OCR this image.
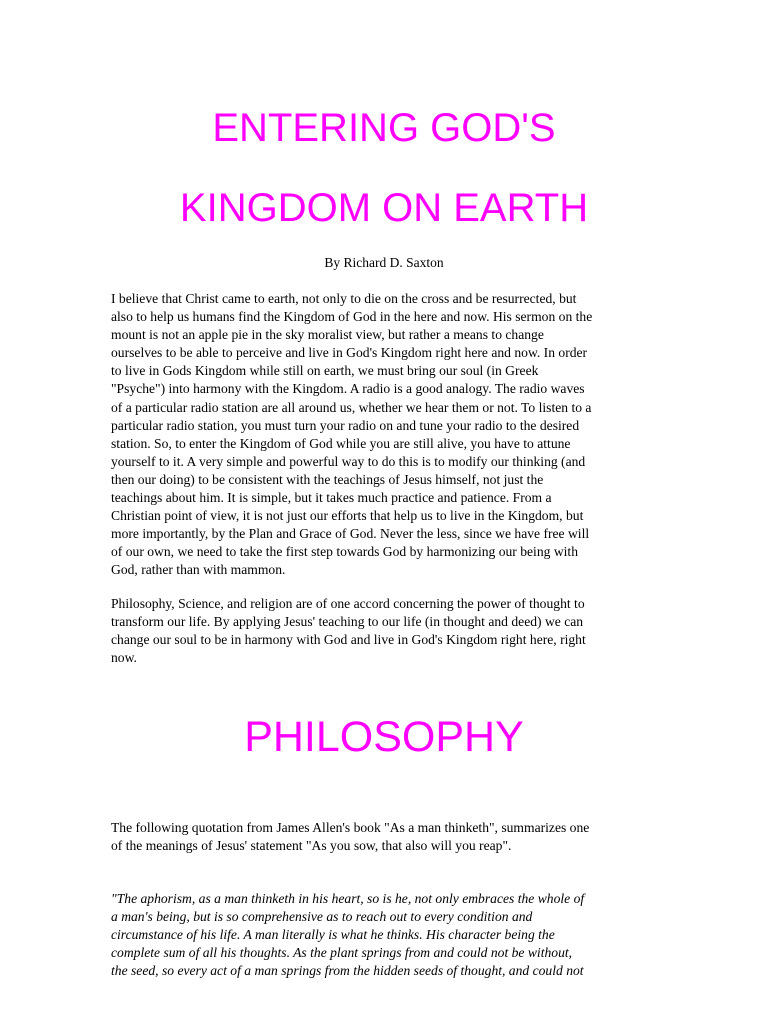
ENTERING GOD'S
KINGDOM ON EARTH

By Richard D. Saxton

I believe that Christ came to earth, not only to die on the cross and be resurrected, but
also to help us humans find the Kingdom of God in the here and now. His sermon on the
mount is not an apple pie in the sky moralist view, but rather a means to change
ourselves to be able to perceive and live in God's Kingdom right here and now. In order
to live in Gods Kingdom while still on earth, we must bring our soul (in Greek
"Psyche") into harmony with the Kingdom. A radio is a good analogy. The radio waves
of a particular radio station are all around us, whether we hear them or not. To listen to a
particular radio station, you must turn your radio on and tune your radio to the desired
station. So, to enter the Kingdom of God while you are still alive, you have to attune
yourself to it. A very simple and powerful way to do this is to modify our thinking (and
then our doing) to be consistent with the teachings of Jesus himself, not just the
teachings about him. It is simple, but it takes much practice and patience. From a
Christian point of view, it is not just our efforts that help us to live in the Kingdom, but
more importantly, by the Plan and Grace of God. Never the less, since we have free will
of our own, we need to take the first step towards God by harmonizing our being with
God, rather than with mammon.
Philosophy, Science, and religion are of one accord concerning the power of thought to
transform our life. By applying Jesus' teaching to our life (in thought and deed) we can
change our soul to be in harmony with God and live in God's Kingdom right here, right
now.
PHILOSOPHY
The following quotation from James Allen's book "As a man thinketh", summarizes one
of the meanings of Jesus' statement "As you sow, that also will you reap".
"The aphorism, as a man thinketh in his heart, so is he, not only embraces the whole of
a man's being, but is so comprehensive as to reach out to every condition and
circumstance of his life. A man literally is what he thinks. His character being the
complete sum of all his thoughts. As the plant springs from and could not be without,
the seed, so every act of a man springs from the hidden seeds of thought, and could not
